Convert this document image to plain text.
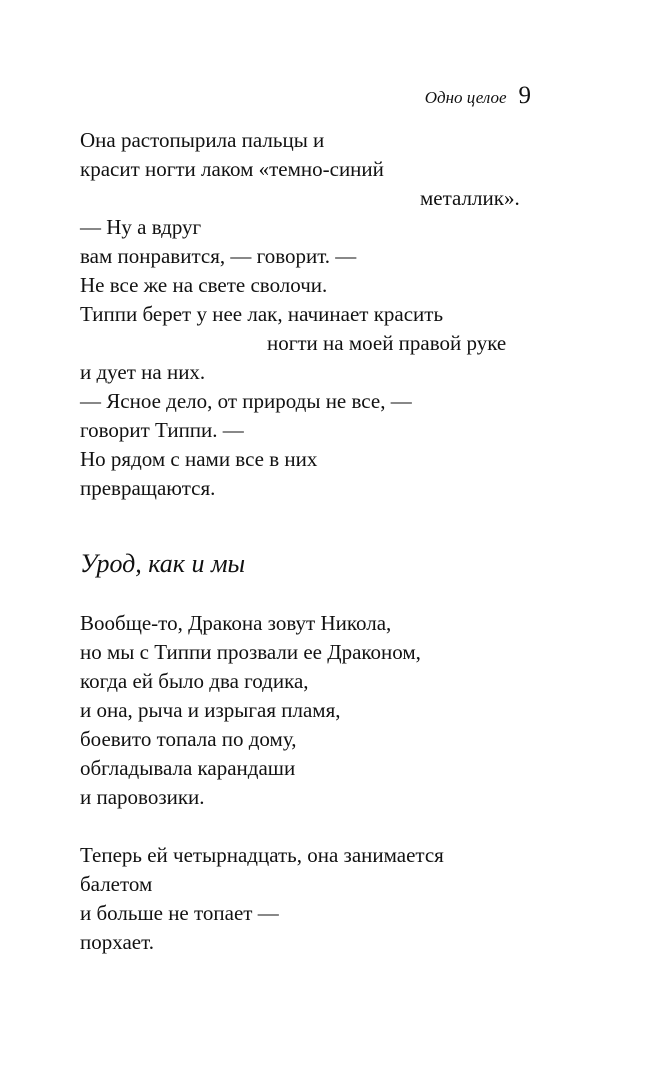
Одно целое 9
Она растопырила пальцы и
красит ногти лаком «темно-синий
металлик».
— Ну а вдруг
вам понравится, — говорит. —
Не все же на свете сволочи.
Типпи берет у нее лак, начинает красить
ногти на моей правой руке
и дует на них.
— Ясное дело, от природы не все, —
говорит Типпи. —
Но рядом с нами все в них
превращаются.
Урод, как и мы
Вообще-то, Дракона зовут Никола,
но мы с Типпи прозвали ее Драконом,
когда ей было два годика,
и она, рыча и изрыгая пламя,
боевито топала по дому,
обгладывала карандаши
и паровозики.
Теперь ей четырнадцать, она занимается
балетом
и больше не топает —
порхает.
